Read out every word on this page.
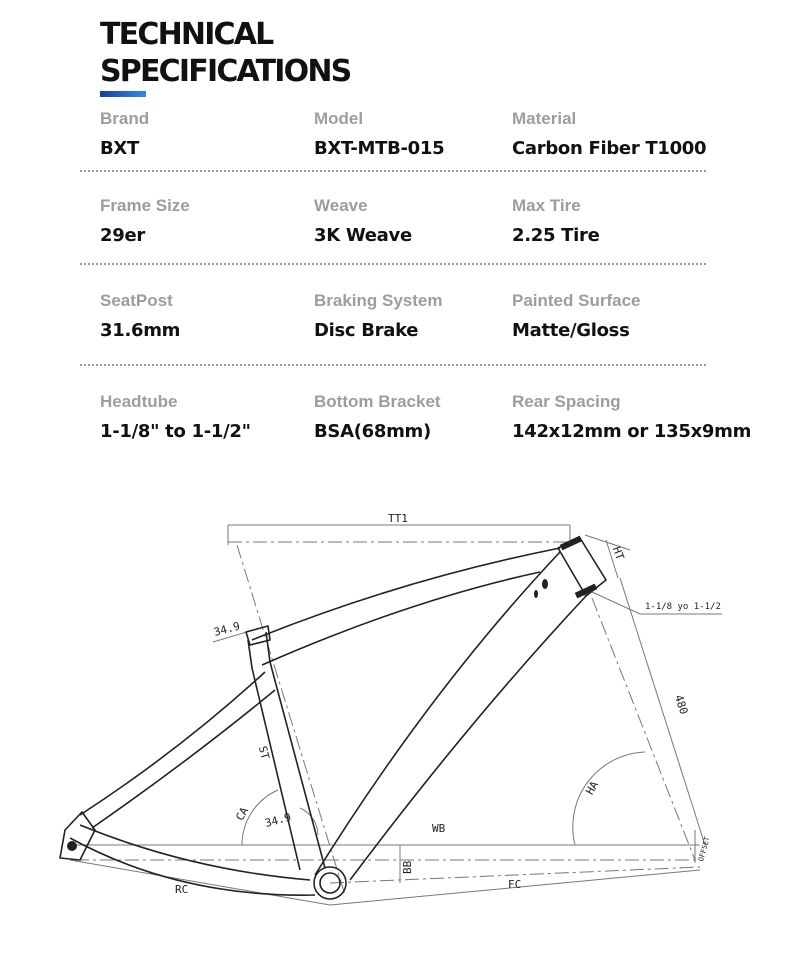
TECHNICAL
SPECIFICATIONS
Brand
BXT
Model
BXT-MTB-015
Material
Carbon Fiber T1000
Frame Size
29er
Weave
3K Weave
Max Tire
2.25 Tire
SeatPost
31.6mm
Braking System
Disc Brake
Painted Surface
Matte/Gloss
Headtube
1-1/8" to 1-1/2"
Bottom Bracket
BSA(68mm)
Rear Spacing
142x12mm or 135x9mm
TT1
HT
1-1/8 yo 1-1/2
34.9
ST
480
HA
CA 34.9	WB
OFFSET
BB
RC	FC
